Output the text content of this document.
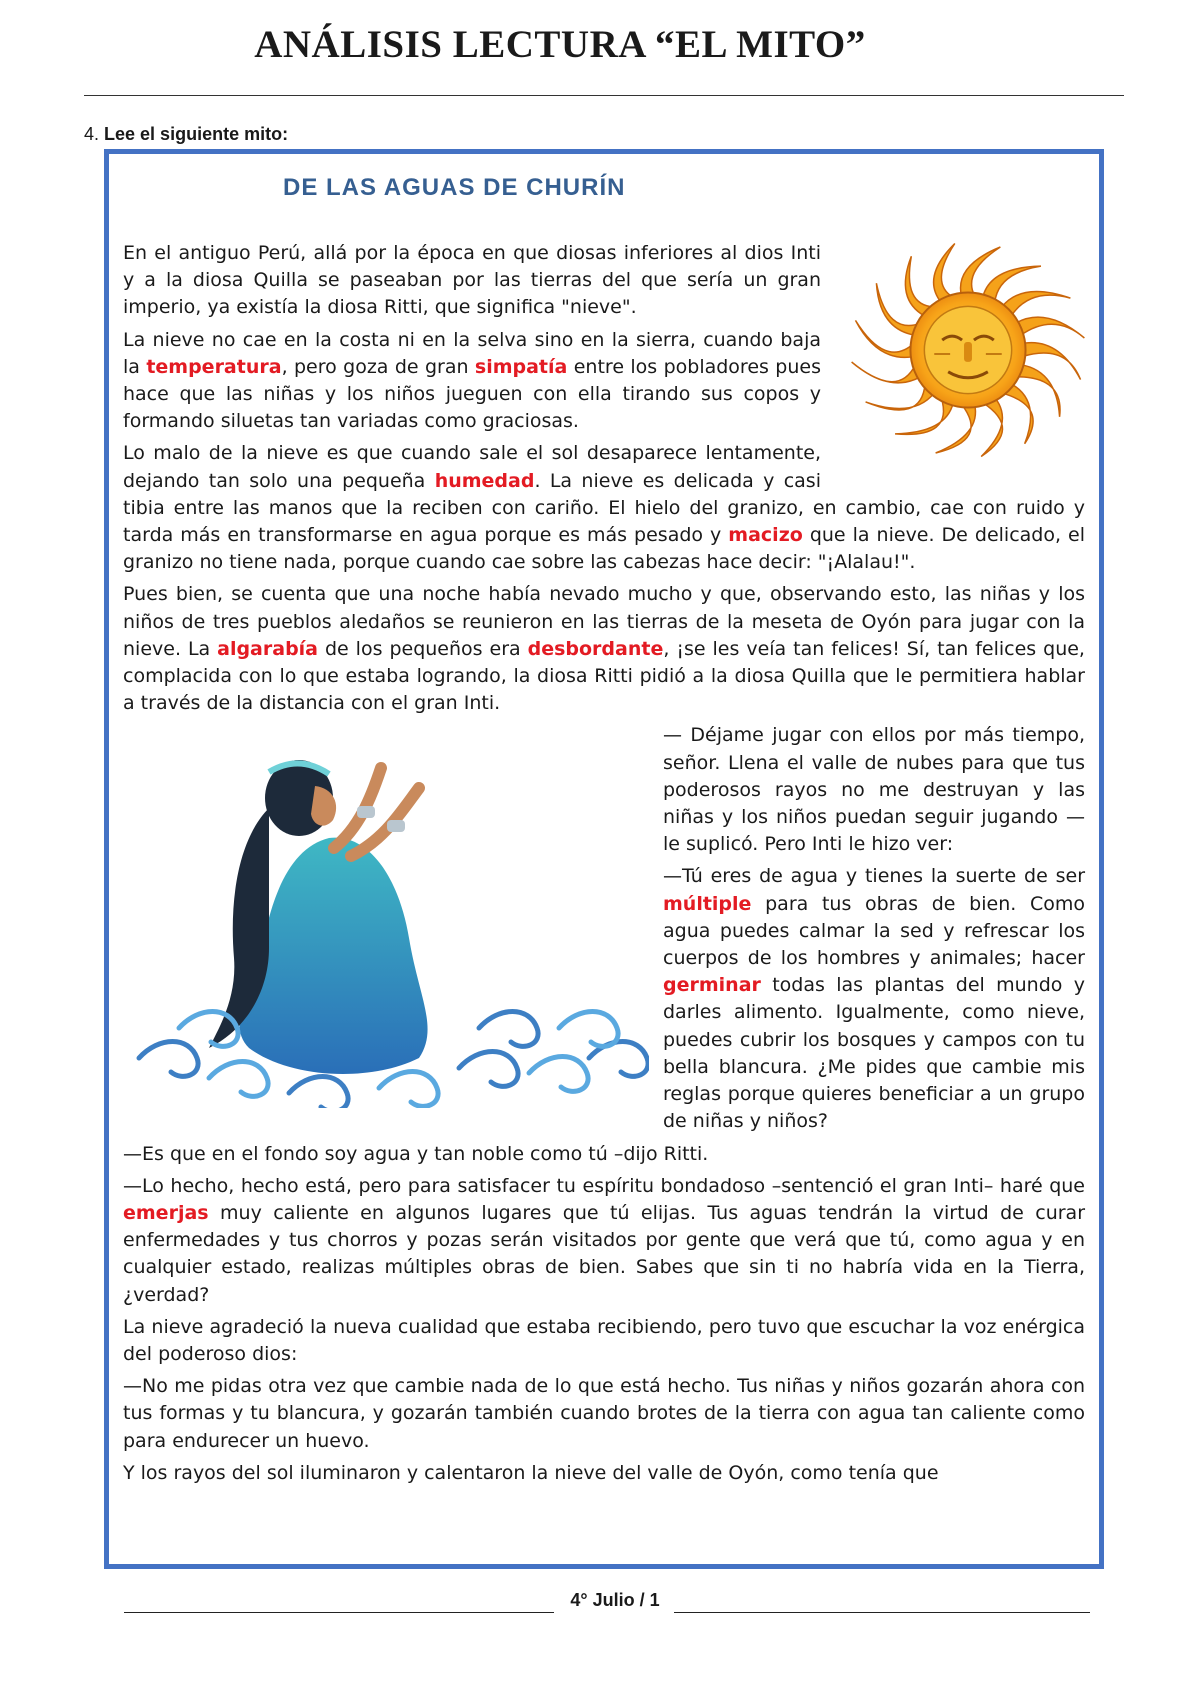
ANÁLISIS LECTURA “EL MITO”
4. Lee el siguiente mito:
DE LAS AGUAS DE CHURÍN

En el antiguo Perú, allá por la época en que diosas inferiores al dios Inti y a la diosa Quilla se paseaban por las tierras del que sería un gran imperio, ya existía la diosa Ritti, que significa "nieve".

La nieve no cae en la costa ni en la selva sino en la sierra, cuando baja la temperatura, pero goza de gran simpatía entre los pobladores pues hace que las niñas y los niños jueguen con ella tirando sus copos y formando siluetas tan variadas como graciosas.

Lo malo de la nieve es que cuando sale el sol desaparece lentamente, dejando tan solo una pequeña humedad. La nieve es delicada y casi tibia entre las manos que la reciben con cariño. El hielo del granizo, en cambio, cae con ruido y tarda más en transformarse en agua porque es más pesado y macizo que la nieve. De delicado, el granizo no tiene nada, porque cuando cae sobre las cabezas hace decir: "¡Alalau!".

Pues bien, se cuenta que una noche había nevado mucho y que, observando esto, las niñas y los niños de tres pueblos aledaños se reunieron en las tierras de la meseta de Oyón para jugar con la nieve. La algarabía de los pequeños era desbordante, ¡se les veía tan felices! Sí, tan felices que, complacida con lo que estaba logrando, la diosa Ritti pidió a la diosa Quilla que le permitiera hablar a través de la distancia con el gran Inti.

— Déjame jugar con ellos por más tiempo, señor. Llena el valle de nubes para que tus poderosos rayos no me destruyan y las niñas y los niños puedan seguir jugando — le suplicó. Pero Inti le hizo ver:

—Tú eres de agua y tienes la suerte de ser múltiple para tus obras de bien. Como agua puedes calmar la sed y refrescar los cuerpos de los hombres y animales; hacer germinar todas las plantas del mundo y darles alimento. Igualmente, como nieve, puedes cubrir los bosques y campos con tu bella blancura. ¿Me pides que cambie mis reglas porque quieres beneficiar a un grupo de niñas y niños?

—Es que en el fondo soy agua y tan noble como tú –dijo Ritti.

—Lo hecho, hecho está, pero para satisfacer tu espíritu bondadoso –sentenció el gran Inti– haré que emerjas muy caliente en algunos lugares que tú elijas. Tus aguas tendrán la virtud de curar enfermedades y tus chorros y pozas serán visitados por gente que verá que tú, como agua y en cualquier estado, realizas múltiples obras de bien. Sabes que sin ti no habría vida en la Tierra, ¿verdad?

La nieve agradeció la nueva cualidad que estaba recibiendo, pero tuvo que escuchar la voz enérgica del poderoso dios:

—No me pidas otra vez que cambie nada de lo que está hecho. Tus niñas y niños gozarán ahora con tus formas y tu blancura, y gozarán también cuando brotes de la tierra con agua tan caliente como para endurecer un huevo.

Y los rayos del sol iluminaron y calentaron la nieve del valle de Oyón, como tenía que

4° Julio / 1
